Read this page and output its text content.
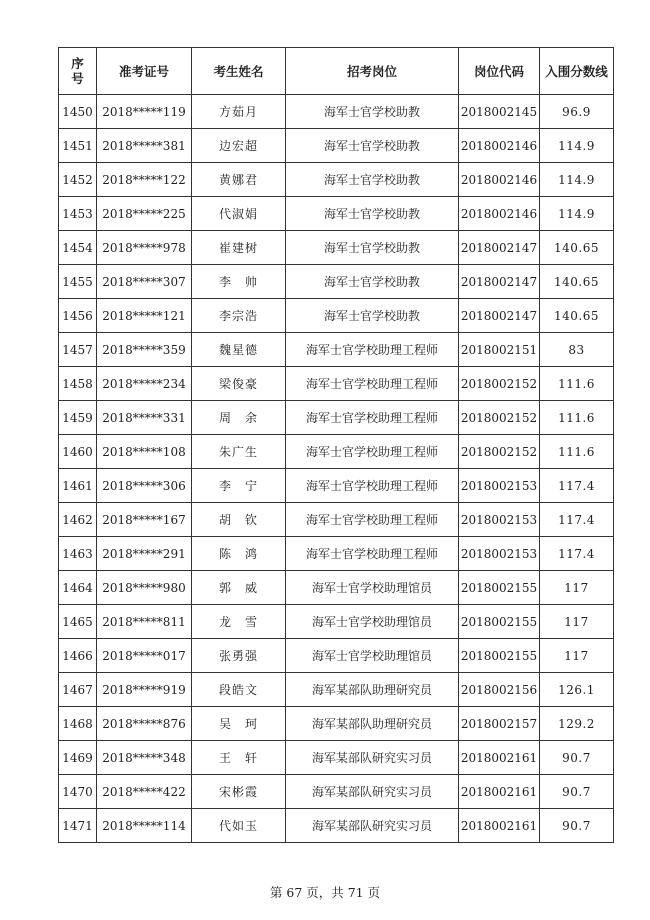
序
号	准考证号	考生姓名	招考岗位	岗位代码	入围分数线
1450	2018*****119	方茹月	海军士官学校助教	2018002145	96.9
1451	2018*****381	边宏超	海军士官学校助教	2018002146	114.9
1452	2018*****122	黄娜君	海军士官学校助教	2018002146	114.9
1453	2018*****225	代淑娟	海军士官学校助教	2018002146	114.9
1454	2018*****978	崔建树	海军士官学校助教	2018002147	140.65
1455	2018*****307	李　帅	海军士官学校助教	2018002147	140.65
1456	2018*****121	李宗浩	海军士官学校助教	2018002147	140.65
1457	2018*****359	魏星德	海军士官学校助理工程师	2018002151	83
1458	2018*****234	梁俊豪	海军士官学校助理工程师	2018002152	111.6
1459	2018*****331	周　余	海军士官学校助理工程师	2018002152	111.6
1460	2018*****108	朱广生	海军士官学校助理工程师	2018002152	111.6
1461	2018*****306	李　宁	海军士官学校助理工程师	2018002153	117.4
1462	2018*****167	胡　钦	海军士官学校助理工程师	2018002153	117.4
1463	2018*****291	陈　鸿	海军士官学校助理工程师	2018002153	117.4
1464	2018*****980	郭　威	海军士官学校助理馆员	2018002155	117
1465	2018*****811	龙　雪	海军士官学校助理馆员	2018002155	117
1466	2018*****017	张勇强	海军士官学校助理馆员	2018002155	117
1467	2018*****919	段皓文	海军某部队助理研究员	2018002156	126.1
1468	2018*****876	吴　珂	海军某部队助理研究员	2018002157	129.2
1469	2018*****348	王　轩	海军某部队研究实习员	2018002161	90.7
1470	2018*****422	宋彬霞	海军某部队研究实习员	2018002161	90.7
1471	2018*****114	代如玉	海军某部队研究实习员	2018002161	90.7
第 67 页，共 71 页
